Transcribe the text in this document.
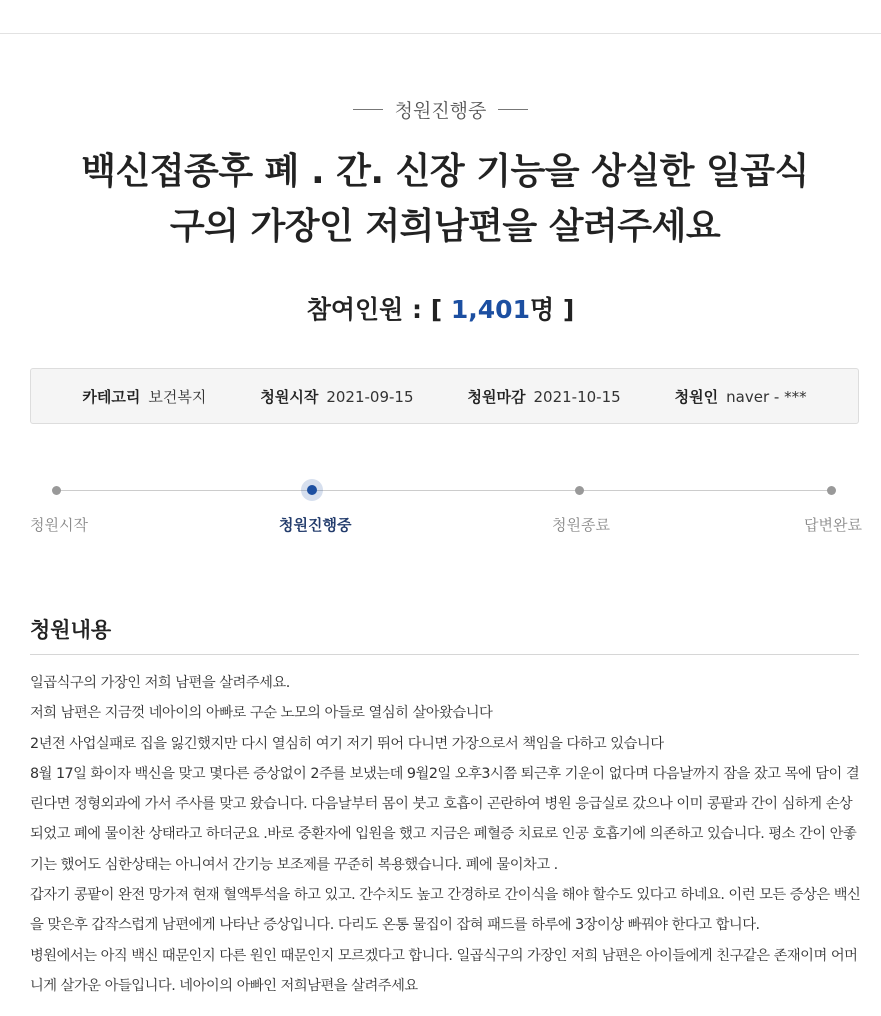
청원진행중
백신접종후 폐 . 간. 신장 기능을 상실한 일곱식
구의 가장인 저희남편을 살려주세요
참여인원 : [ 1,401명 ]
카테고리 보건복지	청원시작 2021-09-15	청원마감 2021-10-15	청원인 naver - ***
청원시작	청원진행중	청원종료	답변완료
청원내용

일곱식구의 가장인 저희 남편을 살려주세요.

저희 남편은 지금껏 네아이의 아빠로 구순 노모의 아들로 열심히 살아왔습니다

2년전 사업실패로 집을 잃긴했지만 다시 열심히 여기 저기 뛰어 다니면 가장으로서 책임을 다하고 있습니다

8월 17일 화이자 백신을 맞고 몇다른 증상없이 2주를 보냈는데 9월2일 오후3시쯤 퇴근후 기운이 없다며 다음날까지 잠을 잤고 목에 담이 결린다면 정형외과에 가서 주사를 맞고 왔습니다. 다음날부터 몸이 붓고 호흡이 곤란하여 병원 응급실로 갔으나 이미 콩팥과 간이 심하게 손상되었고 폐에 물이찬 상태라고 하더군요 .바로 중환자에 입원을 했고 지금은 폐혈증 치료로 인공 호흡기에 의존하고 있습니다. 평소 간이 안좋기는 했어도 심한상태는 아니여서 간기능 보조제를 꾸준히 복용했습니다. 폐에 물이차고 .

갑자기 콩팥이 완전 망가져 현재 혈액투석을 하고 있고. 간수치도 높고 간경하로 간이식을 해야 할수도 있다고 하네요. 이런 모든 증상은 백신을 맞은후 갑작스럽게 남편에게 나타난 증상입니다. 다리도 온통 물집이 잡혀 패드를 하루에 3장이상 빠꿔야 한다고 합니다.

병원에서는 아직 백신 때문인지 다른 원인 때문인지 모르겠다고 합니다. 일곱식구의 가장인 저희 남편은 아이들에게 친구같은 존재이며 어머니게 살가운 아들입니다. 네아이의 아빠인 저희남편을 살려주세요
